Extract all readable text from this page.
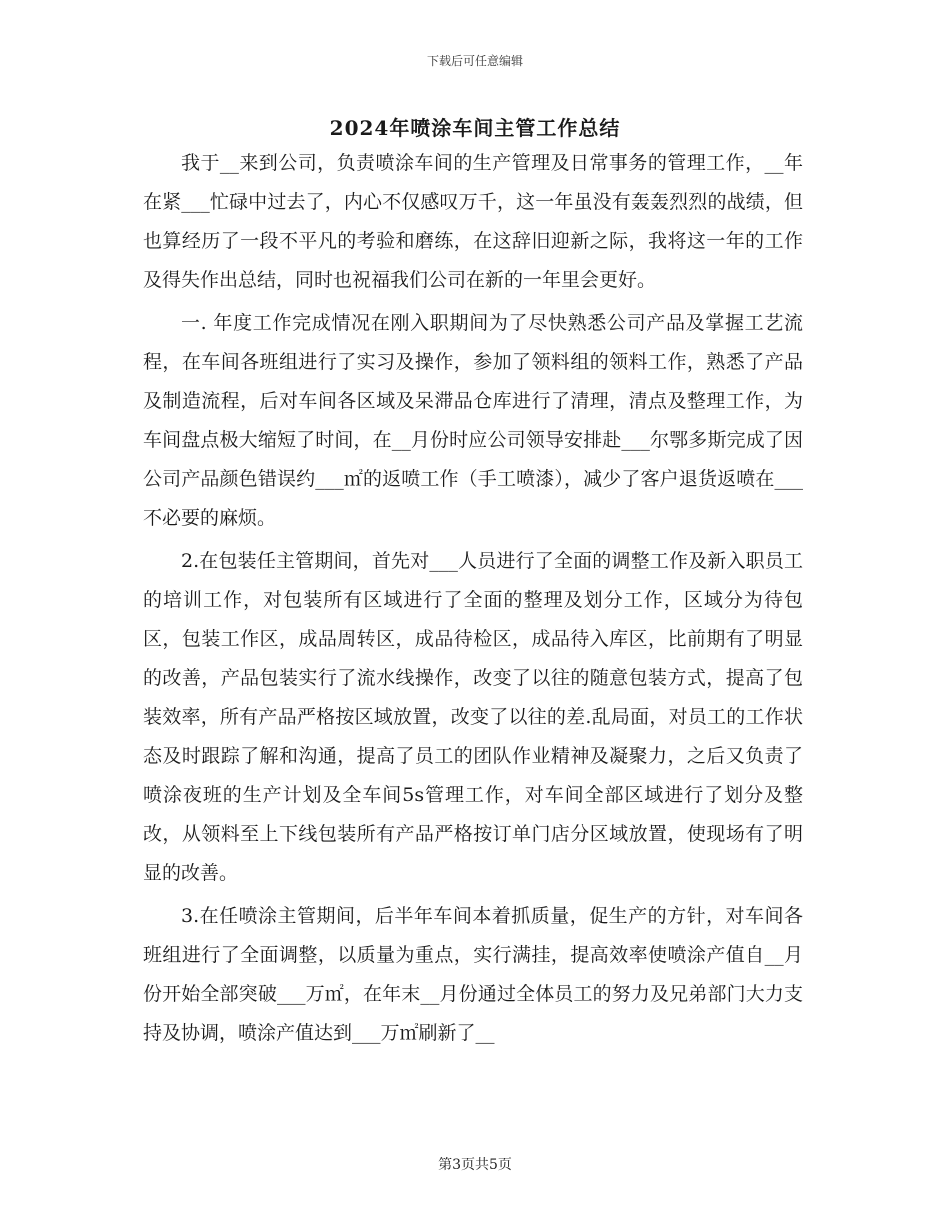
下载后可任意编辑
2024年喷涂车间主管工作总结

我于__来到公司，负责喷涂车间的生产管理及日常事务的管理工作，__年在紧___忙碌中过去了，内心不仅感叹万千，这一年虽没有轰轰烈烈的战绩，但也算经历了一段不平凡的考验和磨练，在这辞旧迎新之际，我将这一年的工作及得失作出总结，同时也祝福我们公司在新的一年里会更好。

一. 年度工作完成情况在刚入职期间为了尽快熟悉公司产品及掌握工艺流程，在车间各班组进行了实习及操作，参加了领料组的领料工作，熟悉了产品及制造流程，后对车间各区域及呆滞品仓库进行了清理，清点及整理工作，为车间盘点极大缩短了时间，在__月份时应公司领导安排赴___尔鄂多斯完成了因公司产品颜色错误约___㎡的返喷工作（手工喷漆），减少了客户退货返喷在___不必要的麻烦。

2.在包装任主管期间，首先对___人员进行了全面的调整工作及新入职员工的培训工作，对包装所有区域进行了全面的整理及划分工作，区域分为待包区，包装工作区，成品周转区，成品待检区，成品待入库区，比前期有了明显的改善，产品包装实行了流水线操作，改变了以往的随意包装方式，提高了包装效率，所有产品严格按区域放置，改变了以往的差.乱局面，对员工的工作状态及时跟踪了解和沟通，提高了员工的团队作业精神及凝聚力，之后又负责了喷涂夜班的生产计划及全车间5s管理工作，对车间全部区域进行了划分及整改，从领料至上下线包装所有产品严格按订单门店分区域放置，使现场有了明显的改善。

3.在任喷涂主管期间，后半年车间本着抓质量，促生产的方针，对车间各班组进行了全面调整，以质量为重点，实行满挂，提高效率使喷涂产值自__月份开始全部突破___万㎡，在年末__月份通过全体员工的努力及兄弟部门大力支持及协调，喷涂产值达到___万㎡刷新了__

第3页共5页
